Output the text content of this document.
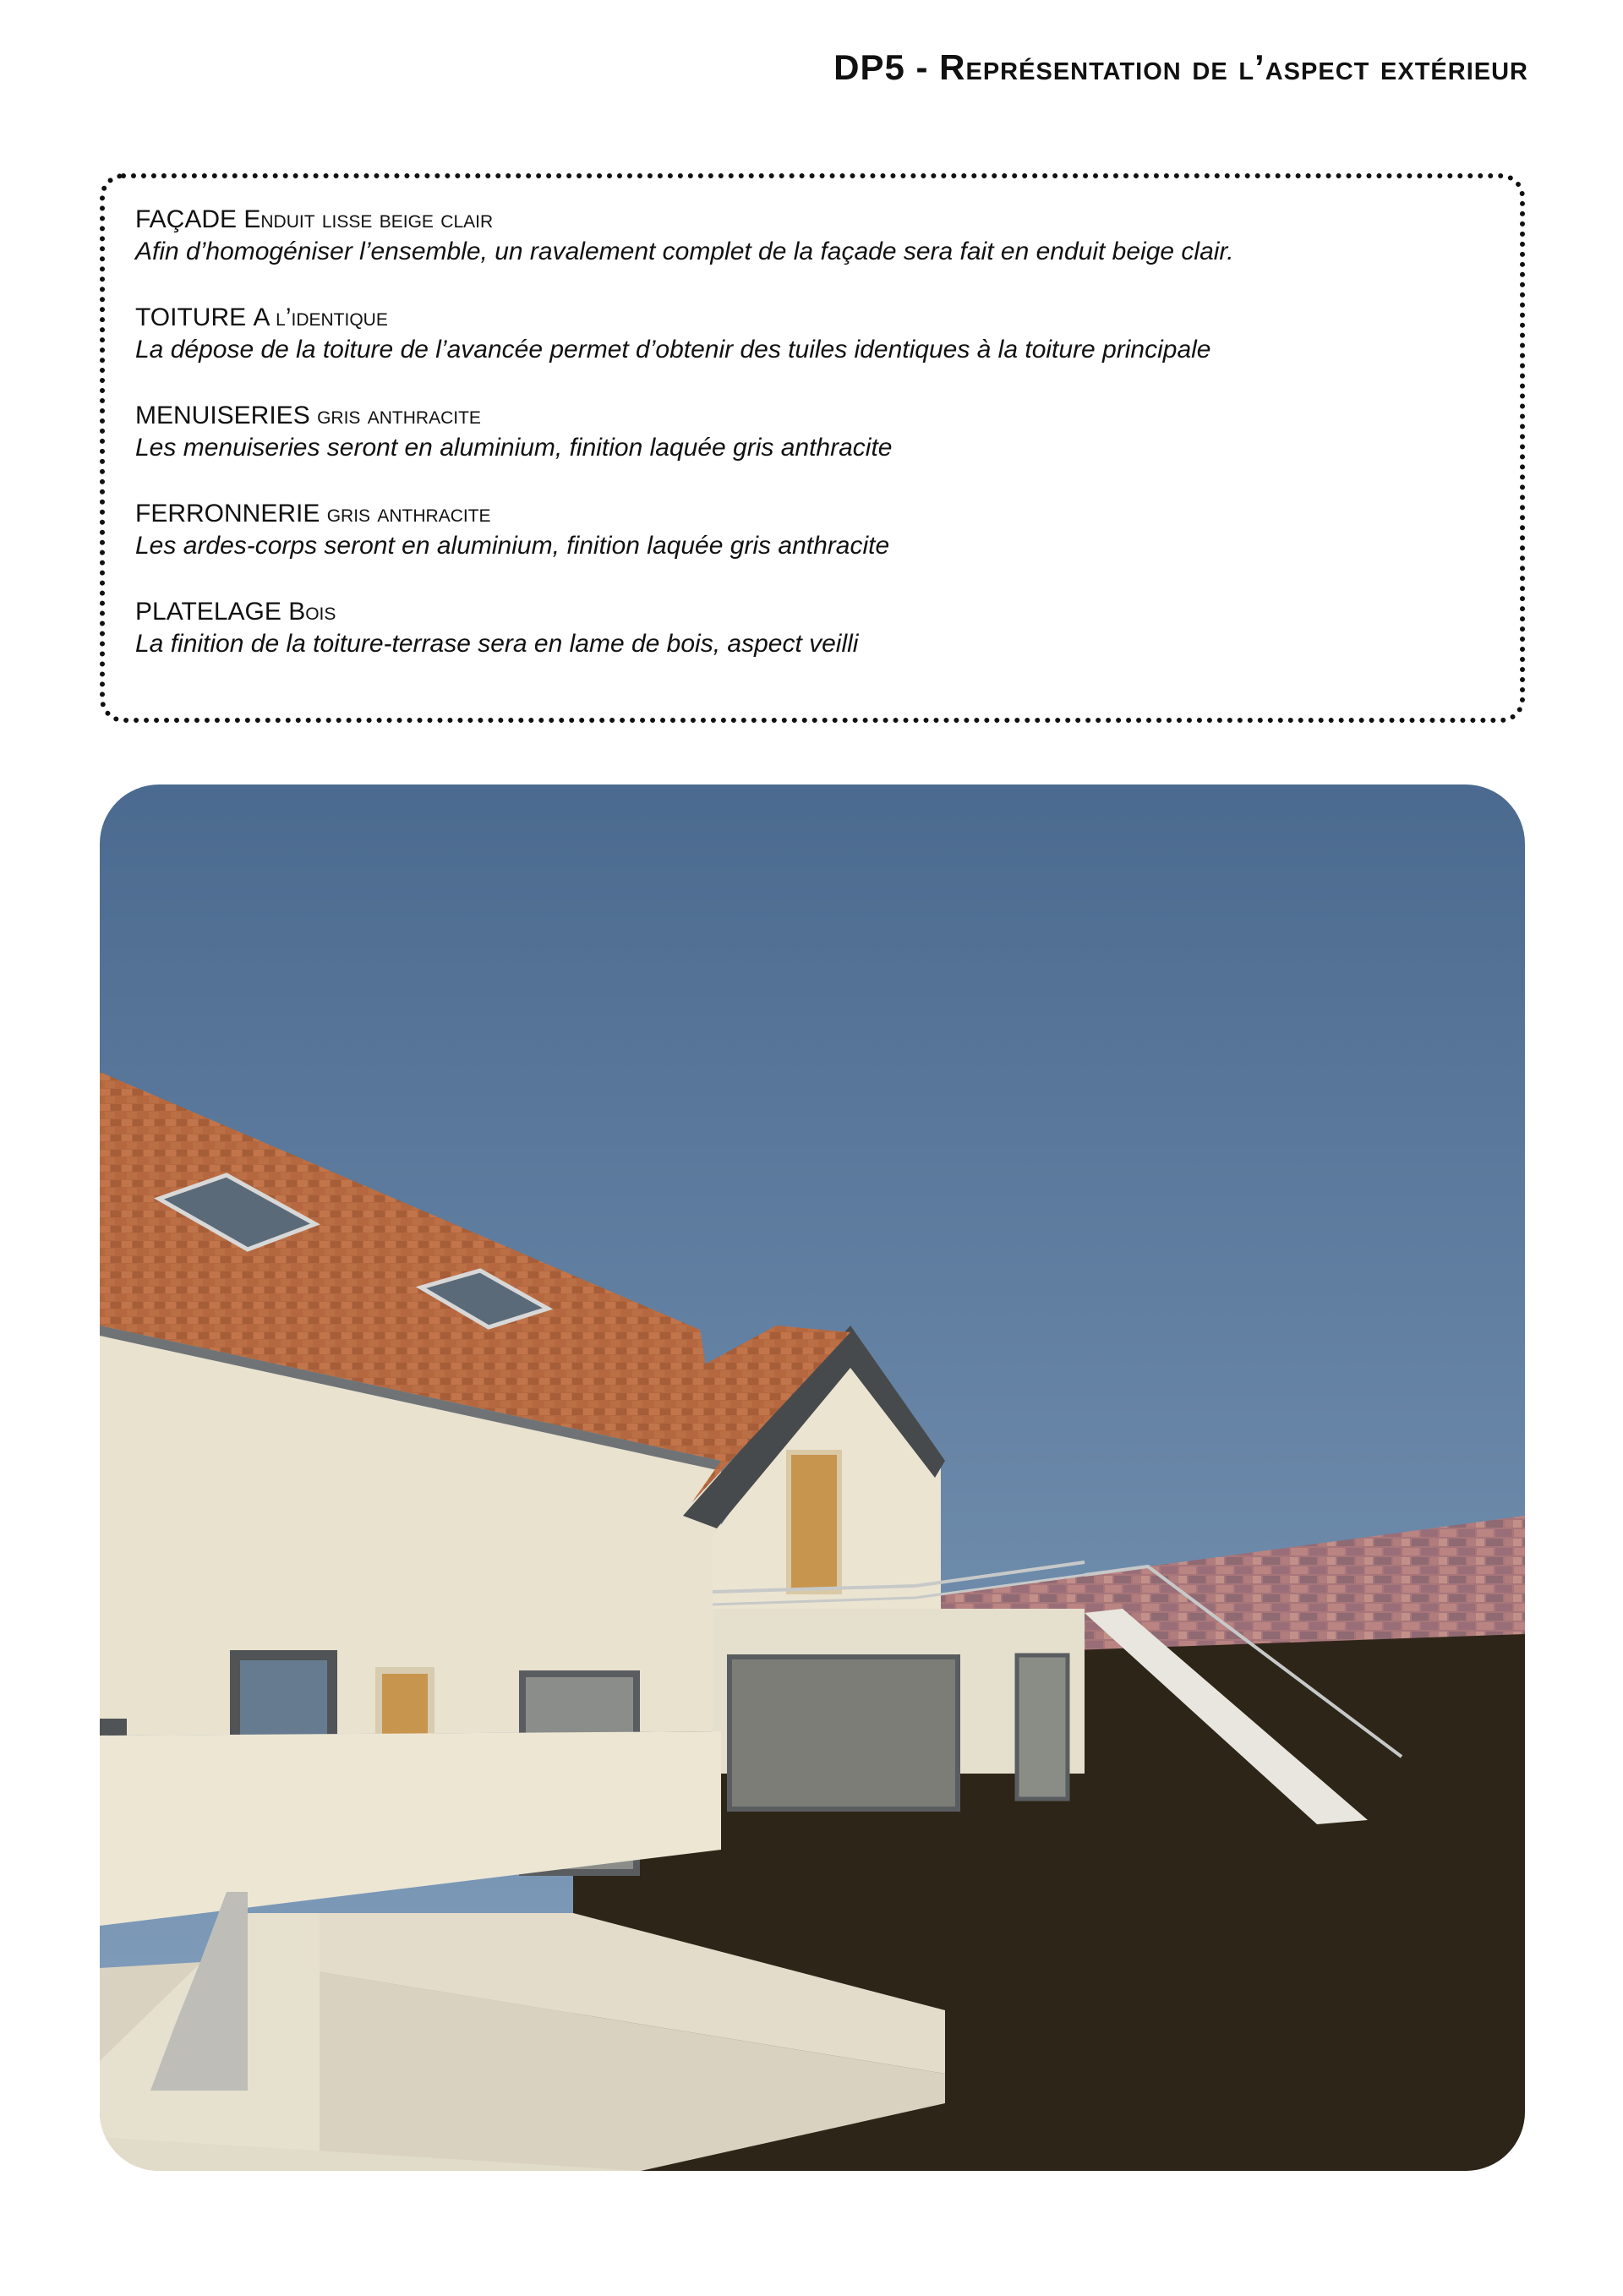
DP5 - Représentation de l’aspect extérieur

FAÇADE Enduit lisse beige clair

Afin d’homogéniser l’ensemble, un ravalement complet de la façade sera fait en enduit beige clair.

TOITURE A l’identique

La dépose de la toiture de l’avancée permet d’obtenir des tuiles identiques à la toiture principale

MENUISERIES gris anthracite

Les menuiseries seront en aluminium, finition laquée gris anthracite

FERRONNERIE gris anthracite

Les ardes-corps seront en aluminium, finition laquée gris anthracite

PLATELAGE Bois

La finition de la toiture-terrase sera en lame de bois, aspect veilli
